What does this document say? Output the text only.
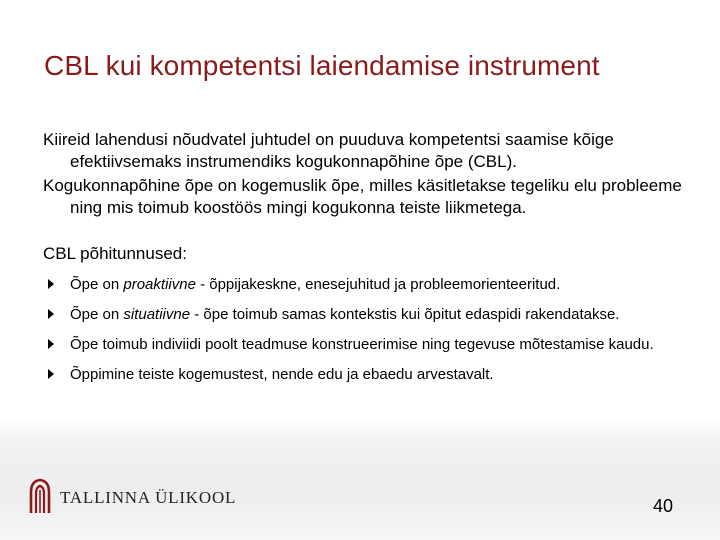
CBL kui kompetentsi laiendamise instrument

Kiireid lahendusi nõudvatel juhtudel on puuduva kompetentsi saamise kõige efektiivsemaks instrumendiks kogukonnapõhine õpe (CBL).

Kogukonnapõhine õpe on kogemuslik õpe, milles käsitletakse tegeliku elu probleeme ning mis toimub koostöös mingi kogukonna teiste liikmetega.

CBL põhitunnused:

Õpe on proaktiivne - õppijakeskne, enesejuhitud ja probleemorienteeritud.
Õpe on situatiivne - õpe toimub samas kontekstis kui õpitut edaspidi rakendatakse.
Õpe toimub indiviidi poolt teadmuse konstrueerimise ning tegevuse mõtestamise kaudu.
Õppimine teiste kogemustest, nende edu ja ebaedu arvestavalt.
TALLINNA ÜLIKOOL	40
